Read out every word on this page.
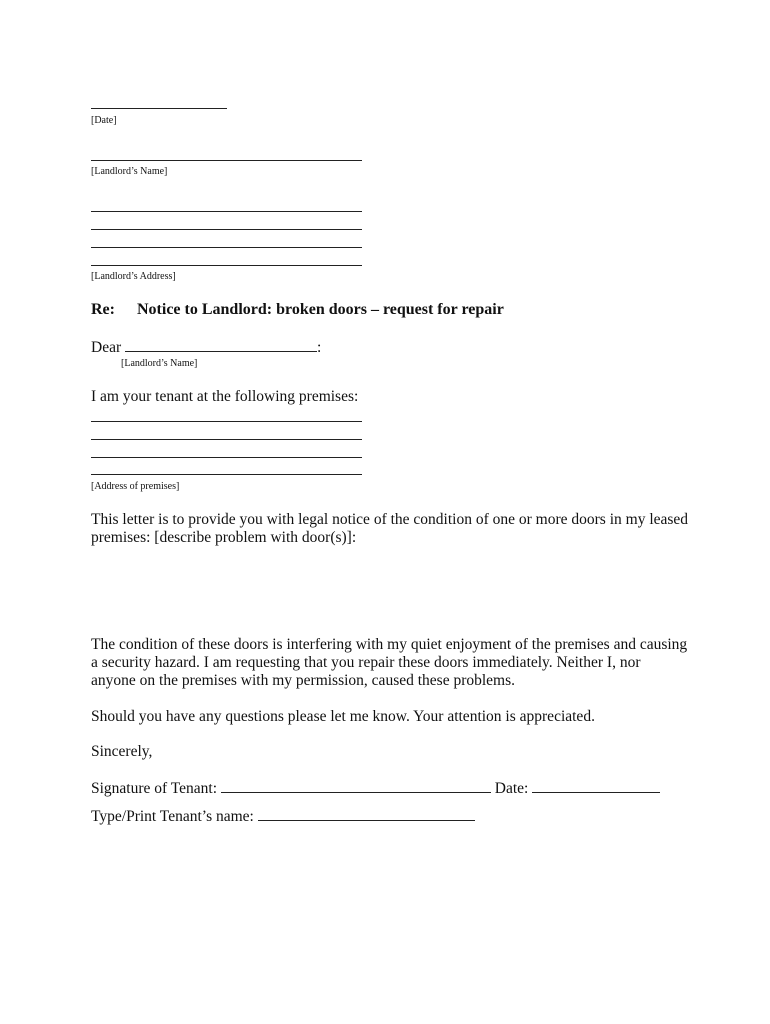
[Date]
[Landlord’s Name]
[Landlord’s Address]
Re: Notice to Landlord: broken doors – request for repair
Dear	:
[Landlord’s Name]
I am your tenant at the following premises:
[Address of premises]
This letter is to provide you with legal notice of the condition of one or more doors in my leased
premises: [describe problem with door(s)]:
The condition of these doors is interfering with my quiet enjoyment of the premises and causing
a security hazard. I am requesting that you repair these doors immediately. Neither I, nor
anyone on the premises with my permission, caused these problems.
Should you have any questions please let me know. Your attention is appreciated.
Sincerely,
Signature of Tenant:	Date:
Type/Print Tenant’s name:
